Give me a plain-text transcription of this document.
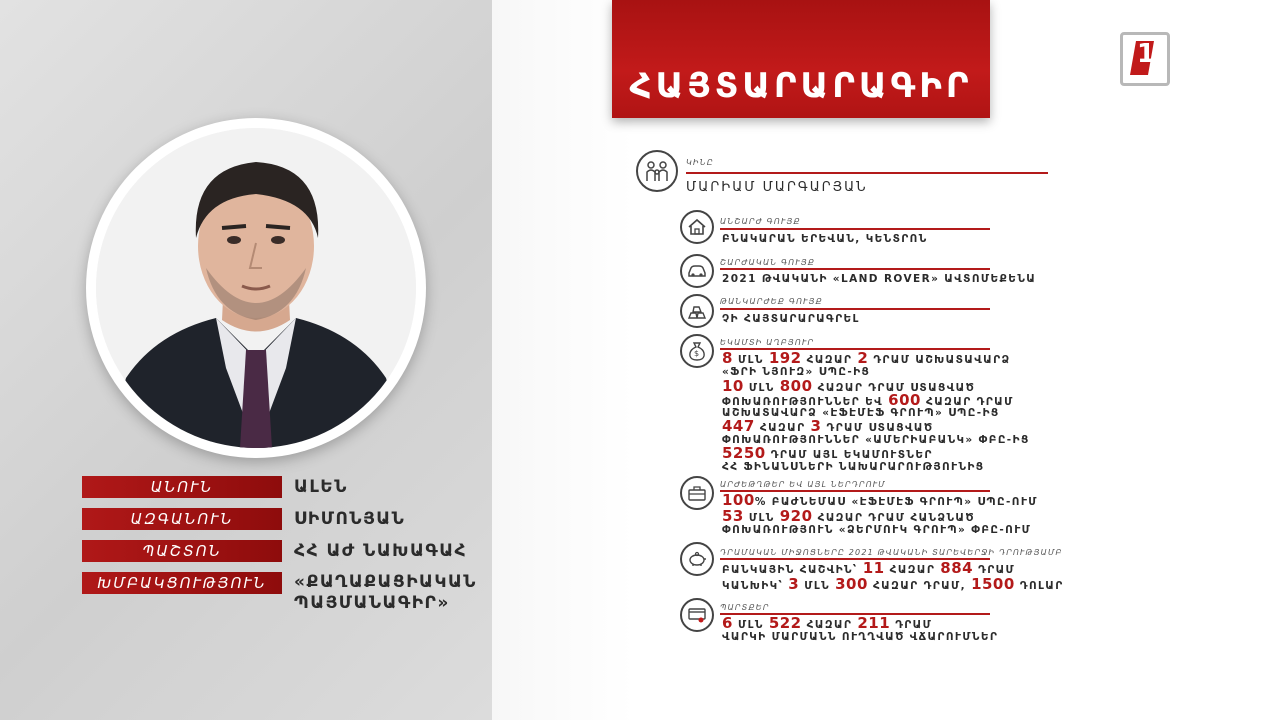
ԱՆՈՒՆ	ԱԼԵՆ
ԱԶԳԱՆՈՒՆ	ՍԻՄՈՆՅԱՆ
ՊԱՇՏՈՆ	ՀՀ ԱԺ ՆԱԽԱԳԱՀ
ԽՄԲԱԿՑՈՒԹՅՈՒՆ	«ՔԱՂԱՔԱՑԻԱԿԱՆ ՊԱՅՄԱՆԱԳԻՐ»
ՀԱՅՏԱՐԱՐԱԳԻՐ
1
ԿԻՆԸ
ՄԱՐԻԱՄ ՄԱՐԳԱՐՅԱՆ
ԱՆՇԱՐԺ ԳՈՒՅՔ
ԲՆԱԿԱՐԱՆ ԵՐԵՎԱՆ, ԿԵՆՏՐՈՆ
ՇԱՐԺԱԿԱՆ ԳՈՒՅՔ
2021 ԹՎԱԿԱՆԻ «LAND ROVER» ԱՎՏՈՄԵՔԵՆԱ
ԹԱՆԿԱՐԺԵՔ ԳՈՒՅՔ
ՉԻ ՀԱՅՏԱՐԱՐԱԳՐԵԼ
$
ԵԿԱՄՏԻ ԱՂԲՅՈՒՐ
8 ՄԼՆ 192 ՀԱԶԱՐ 2 ԴՐԱՄ ԱՇԽԱՏԱՎԱՐՁ
«ՖՐԻ ՆՅՈՒԶ» ՍՊԸ-ԻՑ
10 ՄԼՆ 800 ՀԱԶԱՐ ԴՐԱՄ ՍՏԱՑՎԱԾ
ՓՈԽԱՌՈՒԹՅՈՒՆՆԵՐ ԵՎ 600 ՀԱԶԱՐ ԴՐԱՄ
ԱՇԽԱՏԱՎԱՐՁ «ԷՖԷՄԷՖ ԳՐՈՒՊ» ՍՊԸ-ԻՑ
447 ՀԱԶԱՐ 3 ԴՐԱՄ ՍՏԱՑՎԱԾ
ՓՈԽԱՌՈՒԹՅՈՒՆՆԵՐ «ԱՄԵՐԻԱԲԱՆԿ» ՓԲԸ-ԻՑ
5250 ԴՐԱՄ ԱՅԼ ԵԿԱՄՈՒՏՆԵՐ
ՀՀ ՖԻՆԱՆՍՆԵՐԻ ՆԱԽԱՐԱՐՈՒԹՅՈՒՆԻՑ
ԱՐԺԵԹՂԹԵՐ ԵՎ ԱՅԼ ՆԵՐԴՐՈՒՄ
100% ԲԱԺՆԵՄԱՍ «ԷՖԷՄԷՖ ԳՐՈՒՊ» ՍՊԸ-ՈՒՄ
53 ՄԼՆ 920 ՀԱԶԱՐ ԴՐԱՄ ՀԱՆՁՆԱԾ
ՓՈԽԱՌՈՒԹՅՈՒՆ «ՁԵՐՄՈՒԿ ԳՐՈՒՊ» ՓԲԸ-ՈՒՄ
ԴՐԱՄԱԿԱՆ ՄԻՋՈՑՆԵՐԸ 2021 ԹՎԱԿԱՆԻ ՏԱՐԵՎԵՐՋԻ ԴՐՈՒԹՅԱՄԲ
ԲԱՆԿԱՅԻՆ ՀԱՇՎԻՆ՝ 11 ՀԱԶԱՐ 884 ԴՐԱՄ
ԿԱՆԽԻԿ՝ 3 ՄԼՆ 300 ՀԱԶԱՐ ԴՐԱՄ, 1500 ԴՈԼԱՐ
ՊԱՐՏՔԵՐ
6 ՄԼՆ 522 ՀԱԶԱՐ 211 ԴՐԱՄ
ՎԱՐԿԻ ՄԱՐՄԱՆՆ ՈՒՂՂՎԱԾ ՎՃԱՐՈՒՄՆԵՐ
